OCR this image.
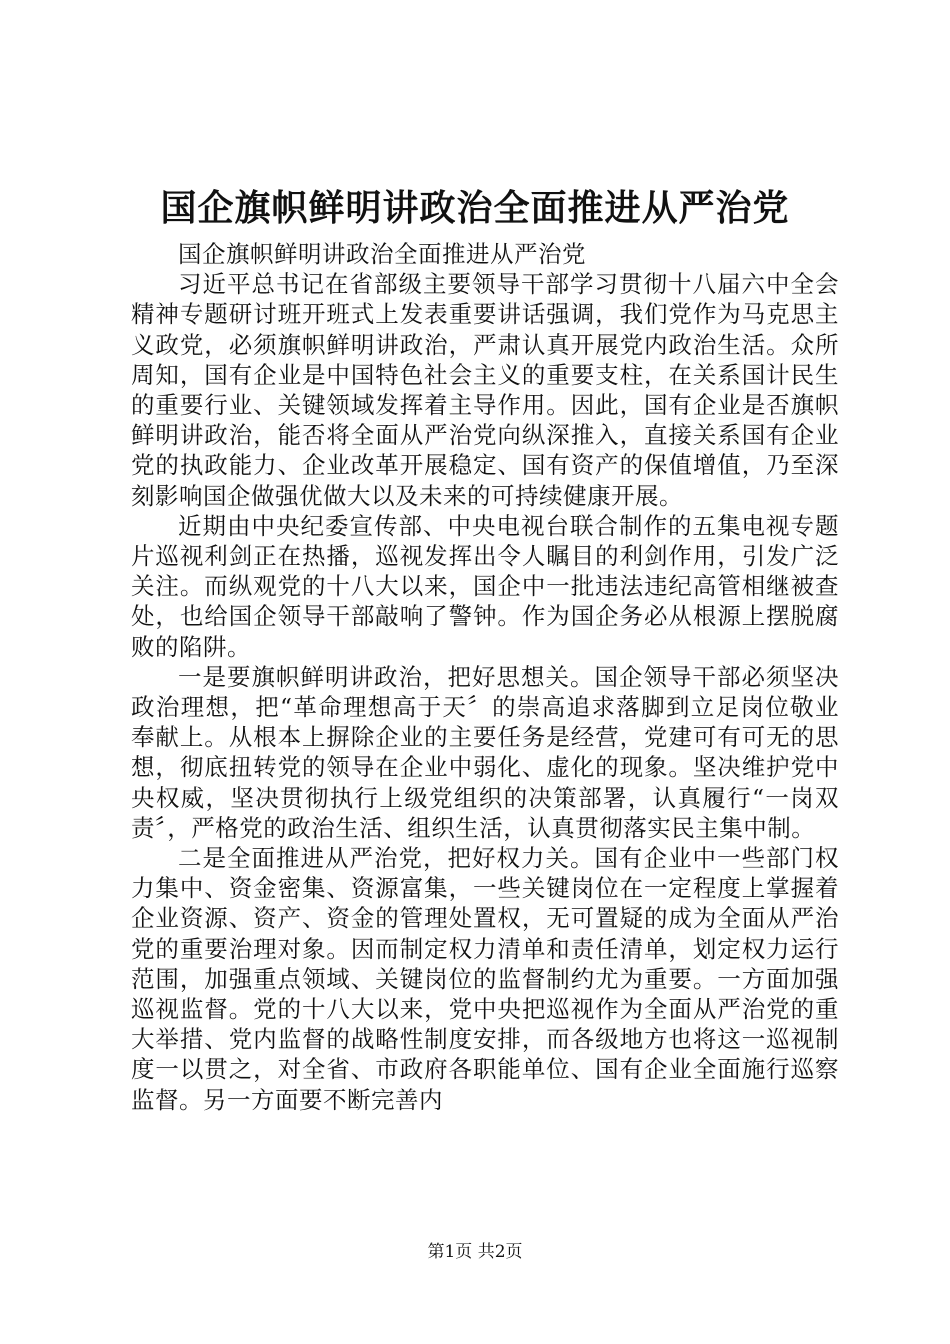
国企旗帜鲜明讲政治全面推进从严治党

国企旗帜鲜明讲政治全面推进从严治党

习近平总书记在省部级主要领导干部学习贯彻十八届六中全会精神专题研讨班开班式上发表重要讲话强调，我们党作为马克思主义政党，必须旗帜鲜明讲政治，严肃认真开展党内政治生活。众所周知，国有企业是中国特色社会主义的重要支柱，在关系国计民生的重要行业、关键领域发挥着主导作用。因此，国有企业是否旗帜鲜明讲政治，能否将全面从严治党向纵深推入，直接关系国有企业党的执政能力、企业改革开展稳定、国有资产的保值增值，乃至深刻影响国企做强优做大以及未来的可持续健康开展。

近期由中央纪委宣传部、中央电视台联合制作的五集电视专题片巡视利剑正在热播，巡视发挥出令人瞩目的利剑作用，引发广泛关注。而纵观党的十八大以来，国企中一批违法违纪高管相继被查处，也给国企领导干部敲响了警钟。作为国企务必从根源上摆脱腐败的陷阱。

一是要旗帜鲜明讲政治，把好思想关。国企领导干部必须坚决政治理想，把“革命理想高于天〞的崇高追求落脚到立足岗位敬业奉献上。从根本上摒除企业的主要任务是经营，党建可有可无的思想，彻底扭转党的领导在企业中弱化、虚化的现象。坚决维护党中央权威，坚决贯彻执行上级党组织的决策部署，认真履行“一岗双责〞，严格党的政治生活、组织生活，认真贯彻落实民主集中制。

二是全面推进从严治党，把好权力关。国有企业中一些部门权力集中、资金密集、资源富集，一些关键岗位在一定程度上掌握着企业资源、资产、资金的管理处置权，无可置疑的成为全面从严治党的重要治理对象。因而制定权力清单和责任清单，划定权力运行范围，加强重点领域、关键岗位的监督制约尤为重要。一方面加强巡视监督。党的十八大以来，党中央把巡视作为全面从严治党的重大举措、党内监督的战略性制度安排，而各级地方也将这一巡视制度一以贯之，对全省、市政府各职能单位、国有企业全面施行巡察监督。另一方面要不断完善内

第1页 共2页
